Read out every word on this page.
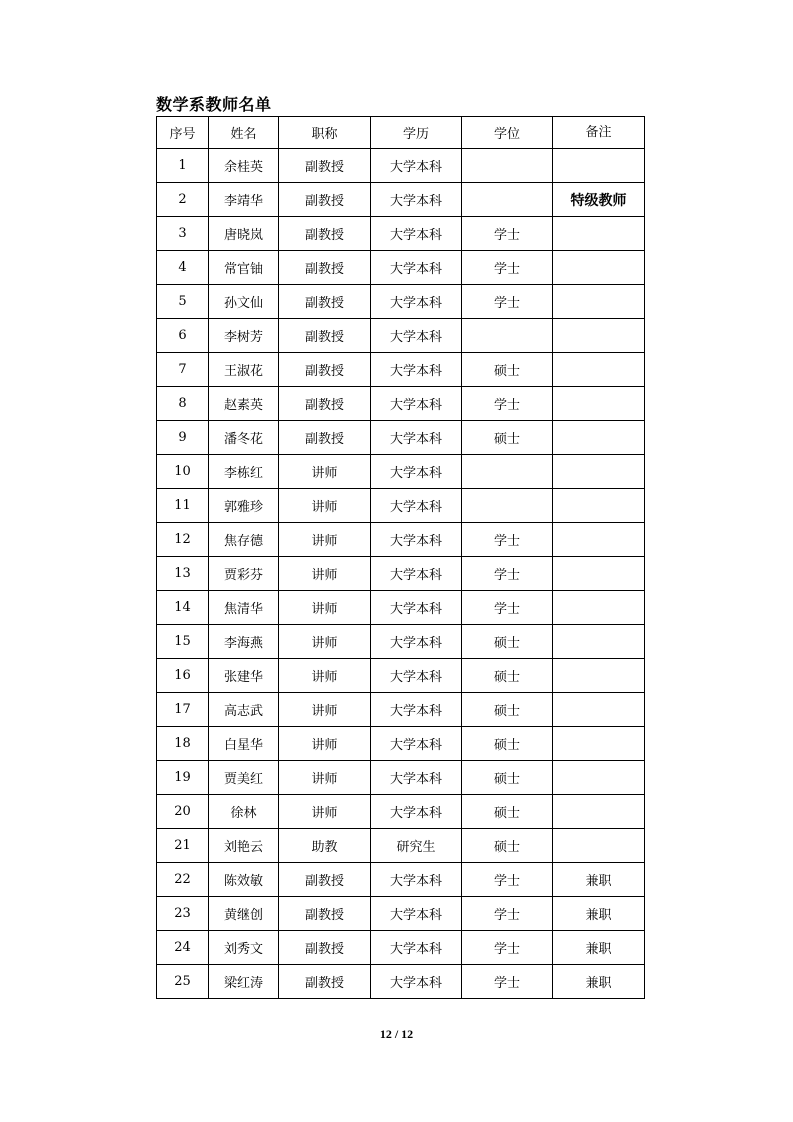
数学系教师名单
序号	姓名	职称	学历	学位	备注
1	余桂英	副教授	大学本科		
2	李靖华	副教授	大学本科		特级教师
3	唐晓岚	副教授	大学本科	学士	
4	常官铀	副教授	大学本科	学士	
5	孙文仙	副教授	大学本科	学士	
6	李树芳	副教授	大学本科		
7	王淑花	副教授	大学本科	硕士	
8	赵素英	副教授	大学本科	学士	
9	潘冬花	副教授	大学本科	硕士	
10	李栋红	讲师	大学本科		
11	郭雅珍	讲师	大学本科		
12	焦存德	讲师	大学本科	学士	
13	贾彩芬	讲师	大学本科	学士	
14	焦清华	讲师	大学本科	学士	
15	李海燕	讲师	大学本科	硕士	
16	张建华	讲师	大学本科	硕士	
17	高志武	讲师	大学本科	硕士	
18	白星华	讲师	大学本科	硕士	
19	贾美红	讲师	大学本科	硕士	
20	徐林	讲师	大学本科	硕士	
21	刘艳云	助教	研究生	硕士	
22	陈效敏	副教授	大学本科	学士	兼职
23	黄继创	副教授	大学本科	学士	兼职
24	刘秀文	副教授	大学本科	学士	兼职
25	梁红涛	副教授	大学本科	学士	兼职
12 / 12
